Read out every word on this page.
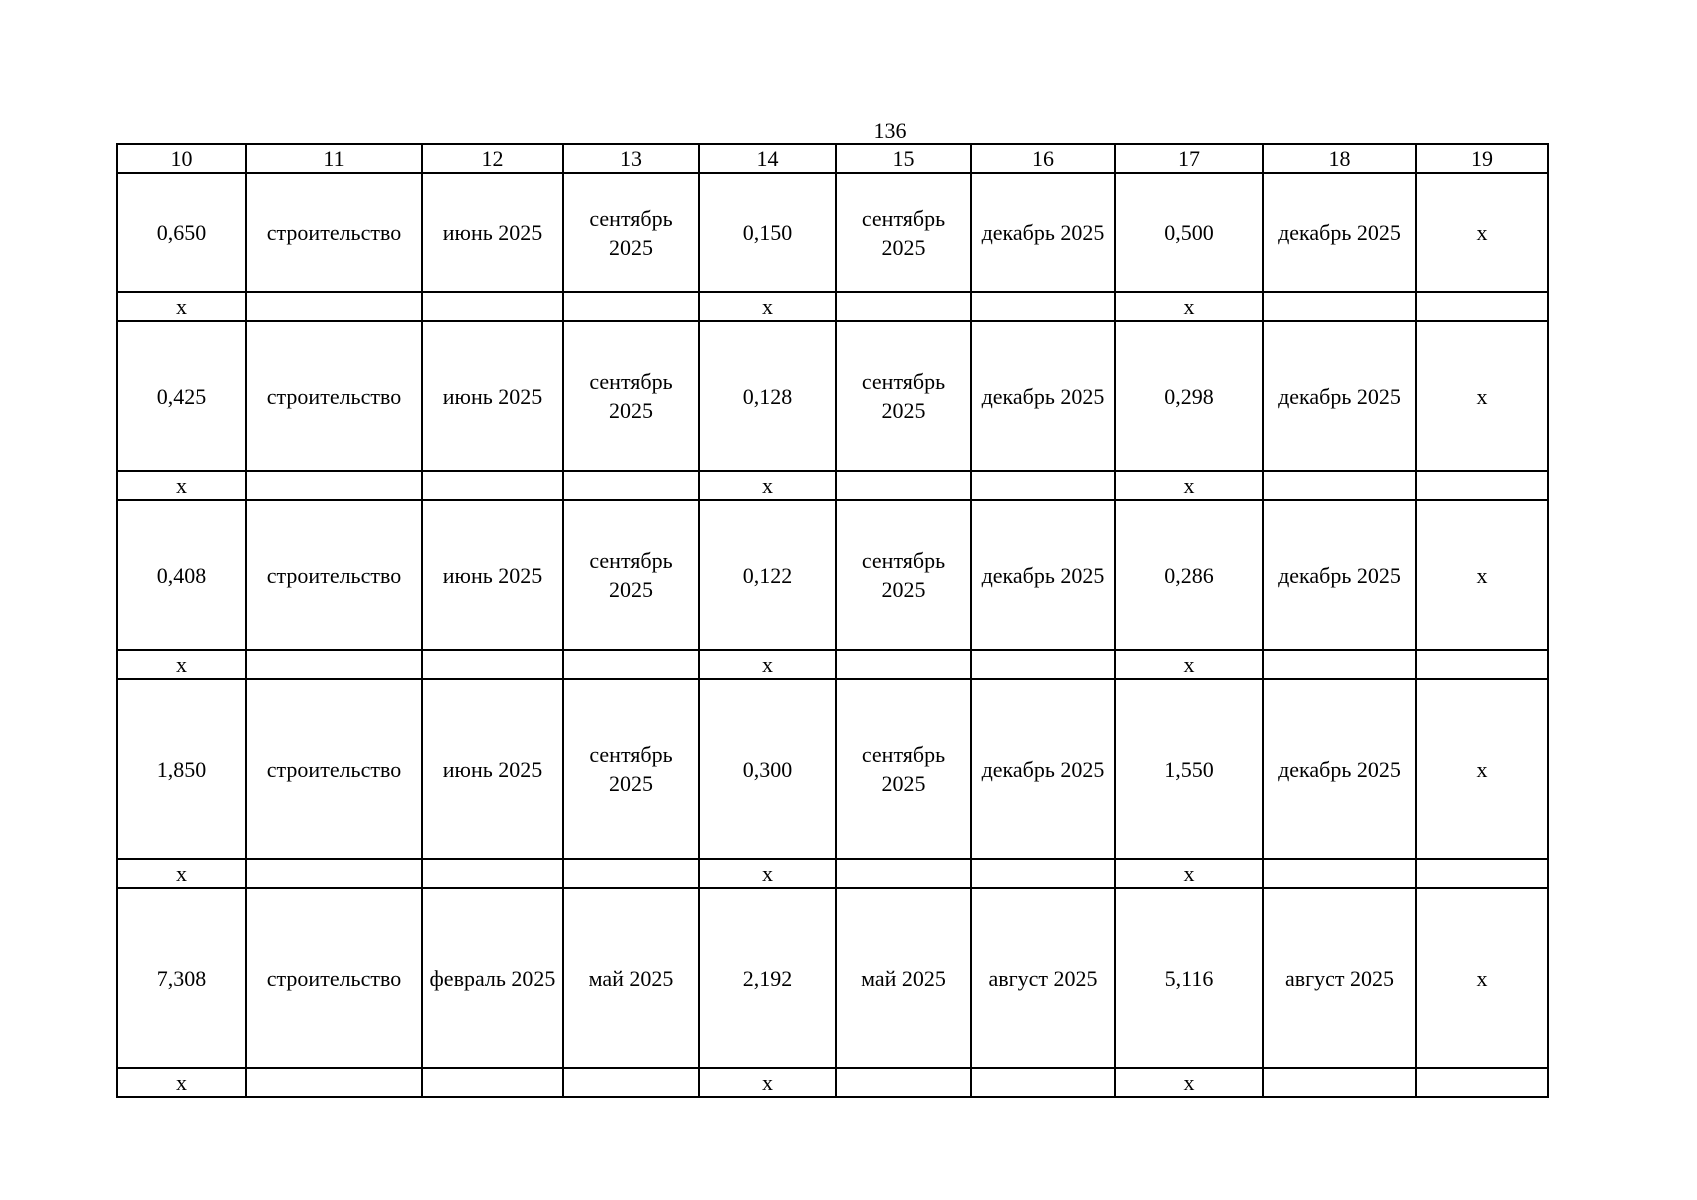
136
10	11	12	13	14	15	16	17	18	19
0,650	строительство	июнь 2025	сентябрь 2025	0,150	сентябрь 2025	декабрь 2025	0,500	декабрь 2025	х
х				х			х		
0,425	строительство	июнь 2025	сентябрь 2025	0,128	сентябрь 2025	декабрь 2025	0,298	декабрь 2025	х
х				х			х		
0,408	строительство	июнь 2025	сентябрь 2025	0,122	сентябрь 2025	декабрь 2025	0,286	декабрь 2025	х
х				х			х		
1,850	строительство	июнь 2025	сентябрь 2025	0,300	сентябрь 2025	декабрь 2025	1,550	декабрь 2025	х
х				х			х		
7,308	строительство	февраль 2025	май 2025	2,192	май 2025	август 2025	5,116	август 2025	х
х				х			х		
